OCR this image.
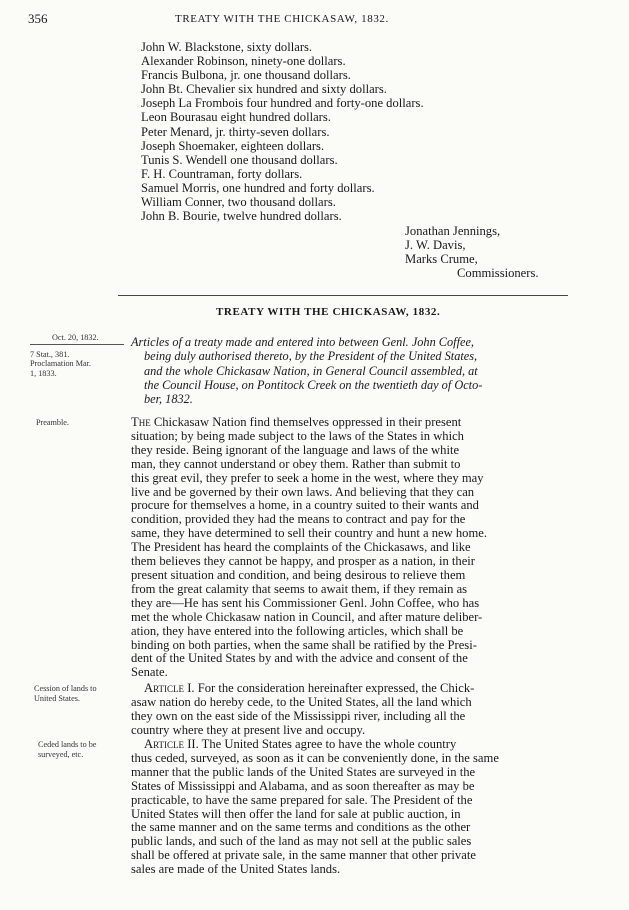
356	TREATY WITH THE CHICKASAW, 1832.
John W. Blackstone, sixty dollars.
Alexander Robinson, ninety-one dollars.
Francis Bulbona, jr. one thousand dollars.
John Bt. Chevalier six hundred and sixty dollars.
Joseph La Frombois four hundred and forty-one dollars.
Leon Bourasau eight hundred dollars.
Peter Menard, jr. thirty-seven dollars.
Joseph Shoemaker, eighteen dollars.
Tunis S. Wendell one thousand dollars.
F. H. Countraman, forty dollars.
Samuel Morris, one hundred and forty dollars.
William Conner, two thousand dollars.
John B. Bourie, twelve hundred dollars.
Jonathan Jennings,
J. W. Davis,
Marks Crume,
Commissioners.
TREATY WITH THE CHICKASAW, 1832.
Oct. 20, 1832.
7 Stat., 381.
Proclamation Mar.
1, 1833.
Preamble.
Cession of lands to
United States.
Ceded lands to be
surveyed, etc.
Articles of a treaty made and entered into between Genl. John Coffee,
being duly authorised thereto, by the President of the United States,
and the whole Chickasaw Nation, in General Council assembled, at
the Council House, on Pontitock Creek on the twentieth day of Octo-
ber, 1832.
The Chickasaw Nation find themselves oppressed in their present
situation; by being made subject to the laws of the States in which
they reside. Being ignorant of the language and laws of the white
man, they cannot understand or obey them. Rather than submit to
this great evil, they prefer to seek a home in the west, where they may
live and be governed by their own laws. And believing that they can
procure for themselves a home, in a country suited to their wants and
condition, provided they had the means to contract and pay for the
same, they have determined to sell their country and hunt a new home.
The President has heard the complaints of the Chickasaws, and like
them believes they cannot be happy, and prosper as a nation, in their
present situation and condition, and being desirous to relieve them
from the great calamity that seems to await them, if they remain as
they are—He has sent his Commissioner Genl. John Coffee, who has
met the whole Chickasaw nation in Council, and after mature deliber-
ation, they have entered into the following articles, which shall be
binding on both parties, when the same shall be ratified by the Presi-
dent of the United States by and with the advice and consent of the
Senate.
Article I. For the consideration hereinafter expressed, the Chick-
asaw nation do hereby cede, to the United States, all the land which
they own on the east side of the Mississippi river, including all the
country where they at present live and occupy.
Article II. The United States agree to have the whole country
thus ceded, surveyed, as soon as it can be conveniently done, in the same
manner that the public lands of the United States are surveyed in the
States of Mississippi and Alabama, and as soon thereafter as may be
practicable, to have the same prepared for sale. The President of the
United States will then offer the land for sale at public auction, in
the same manner and on the same terms and conditions as the other
public lands, and such of the land as may not sell at the public sales
shall be offered at private sale, in the same manner that other private
sales are made of the United States lands.
